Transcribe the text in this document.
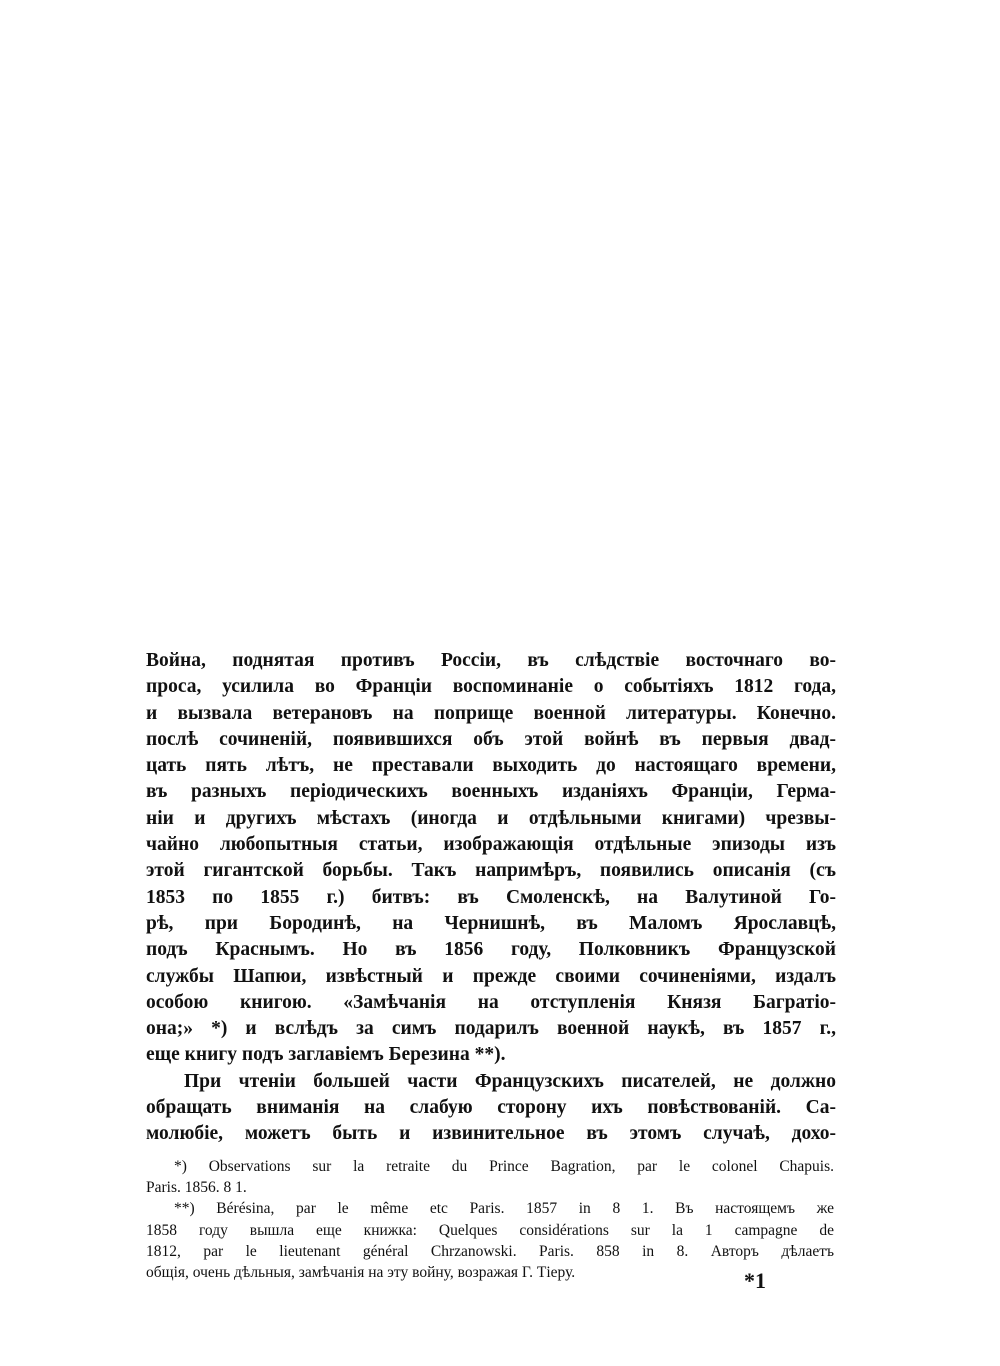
Война, поднятая противъ Россіи, въ слѣдствіе восточнаго во-
проса, усилила во Франціи воспоминаніе о событіяхъ 1812 года,
и вызвала ветерановъ на поприще военной литературы. Конечно.
послѣ сочиненій, появившихся объ этой войнѣ въ первыя двад-
цать пять лѣтъ, не преставали выходить до настоящаго времени,
въ разныхъ періодическихъ военныхъ изданіяхъ Франціи, Герма-
ніи и другихъ мѣстахъ (иногда и отдѣльными книгами) чрезвы-
чайно любопытныя статьи, изображающія отдѣльные эпизоды изъ
этой гигантской борьбы. Такъ напримѣръ, появились описанія (съ
1853 по 1855 г.) битвъ: въ Смоленскѣ, на Валутиной Го-
рѣ, при Бородинѣ, на Чернишнѣ, въ Маломъ Ярославцѣ,
подъ Краснымъ. Но въ 1856 году, Полковникъ Французской
службы Шапюи, извѣстный и прежде своими сочиненіями, издалъ
особою книгою. «Замѣчанія на отступленія Князя Багратіо-
она;» *) и вслѣдъ за симъ подарилъ военной наукѣ, въ 1857 г.,
еще книгу подъ заглавіемъ Березина **).
При чтеніи большей части Французскихъ писателей, не должно
обращать вниманія на слабую сторону ихъ повѣствованій. Са-
молюбіе, можетъ быть и извинительное въ этомъ случаѣ, дохо-
*) Observations sur la retraite du Prince Bagration, par le colonel Chapuis.
Paris. 1856. 8 1.
**) Bérésina, par le même etc Paris. 1857 in 8 1. Въ настоящемъ же
1858 году вышла еще книжка: Quelques considérations sur la 1 campagne de
1812, par le lieutenant général Chrzanowski. Paris. 858 in 8. Авторъ дѣлаетъ
общія, очень дѣльныя, замѣчанія на эту войну, возражая Г. Тіеру.	*1
